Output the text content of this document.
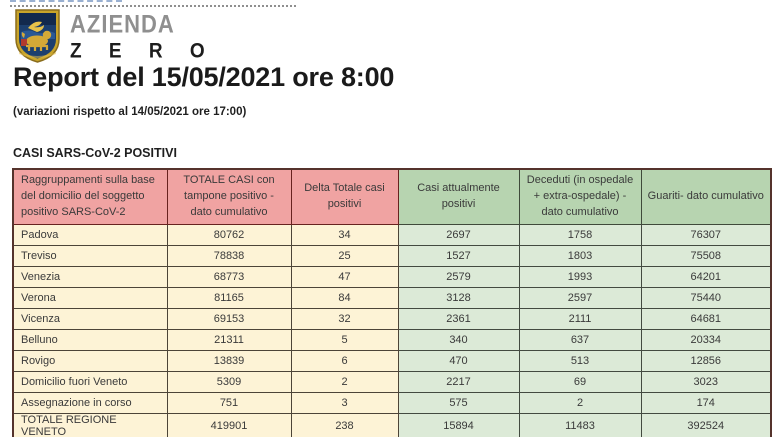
AZIENDA
Z E R O
Report del 15/05/2021 ore 8:00
(variazioni rispetto al 14/05/2021 ore 17:00)
CASI SARS-CoV-2 POSITIVI
Raggruppamenti sulla base del domicilio del soggetto positivo SARS-CoV-2	TOTALE CASI con tampone positivo -dato cumulativo	Delta Totale casi positivi	Casi attualmente positivi	Deceduti (in ospedale + extra-ospedale) -dato cumulativo	Guariti- dato cumulativo
Padova	80762	34	2697	1758	76307
Treviso	78838	25	1527	1803	75508
Venezia	68773	47	2579	1993	64201
Verona	81165	84	3128	2597	75440
Vicenza	69153	32	2361	2111	64681
Belluno	21311	5	340	637	20334
Rovigo	13839	6	470	513	12856
Domicilio fuori Veneto	5309	2	2217	69	3023
Assegnazione in corso	751	3	575	2	174
TOTALE REGIONE VENETO	419901	238	15894	11483	392524
